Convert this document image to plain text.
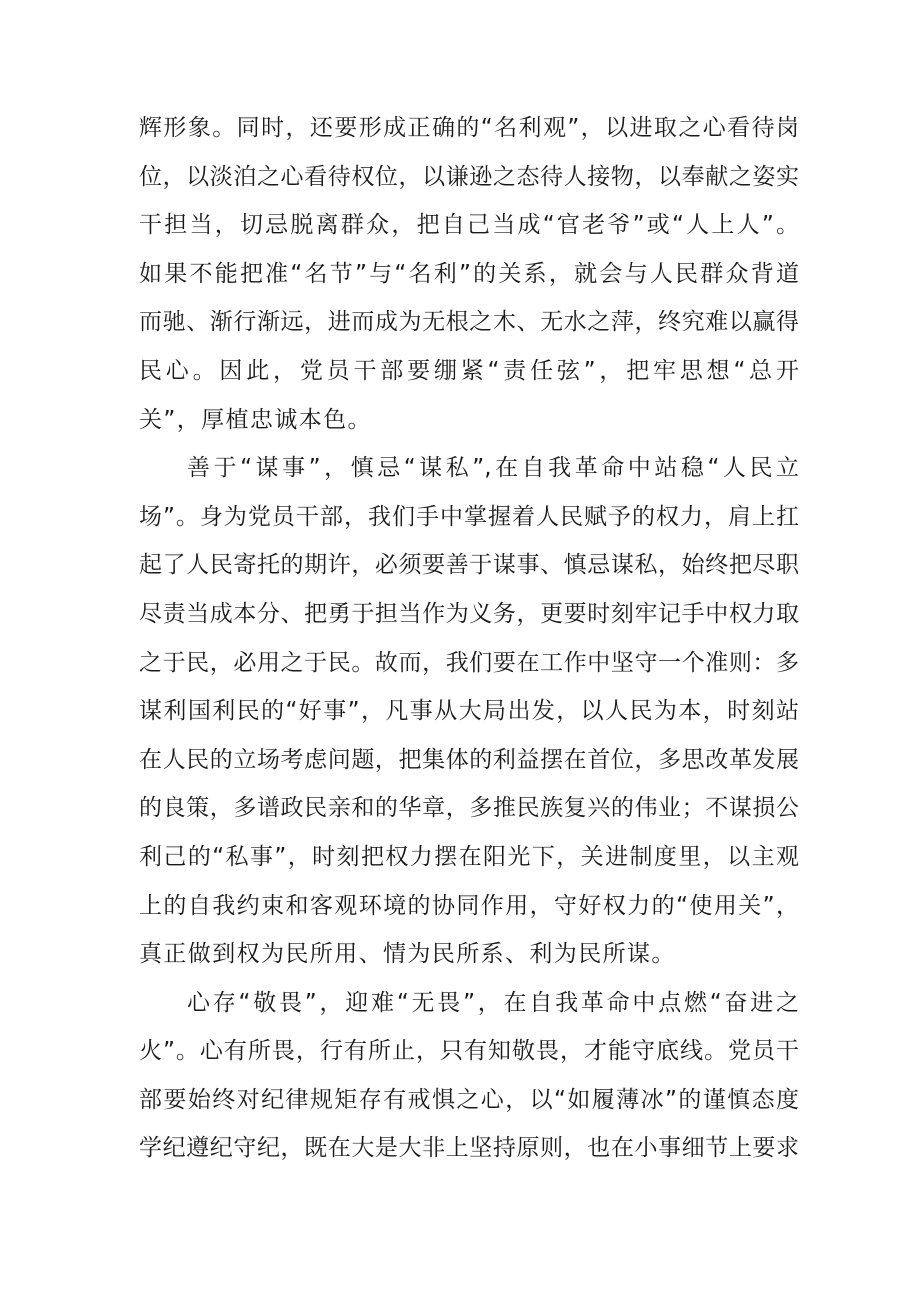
辉形象。同时，还要形成正确的“名利观”，以进取之心看待岗
位，以淡泊之心看待权位，以谦逊之态待人接物，以奉献之姿实
干担当，切忌脱离群众，把自己当成“官老爷”或“人上人”。
如果不能把准“名节”与“名利”的关系，就会与人民群众背道
而驰、渐行渐远，进而成为无根之木、无水之萍，终究难以赢得
民心。因此，党员干部要绷紧“责任弦”，把牢思想“总开
关”，厚植忠诚本色。
善于“谋事”，慎忌“谋私”,在自我革命中站稳“人民立
场”。身为党员干部，我们手中掌握着人民赋予的权力，肩上扛
起了人民寄托的期许，必须要善于谋事、慎忌谋私，始终把尽职
尽责当成本分、把勇于担当作为义务，更要时刻牢记手中权力取
之于民，必用之于民。故而，我们要在工作中坚守一个准则：多
谋利国利民的“好事”，凡事从大局出发，以人民为本，时刻站
在人民的立场考虑问题，把集体的利益摆在首位，多思改革发展
的良策，多谱政民亲和的华章，多推民族复兴的伟业；不谋损公
利己的“私事”，时刻把权力摆在阳光下，关进制度里，以主观
上的自我约束和客观环境的协同作用，守好权力的“使用关”，
真正做到权为民所用、情为民所系、利为民所谋。
心存“敬畏”，迎难“无畏”，在自我革命中点燃“奋进之
火”。心有所畏，行有所止，只有知敬畏，才能守底线。党员干
部要始终对纪律规矩存有戒惧之心，以“如履薄冰”的谨慎态度
学纪遵纪守纪，既在大是大非上坚持原则，也在小事细节上要求
